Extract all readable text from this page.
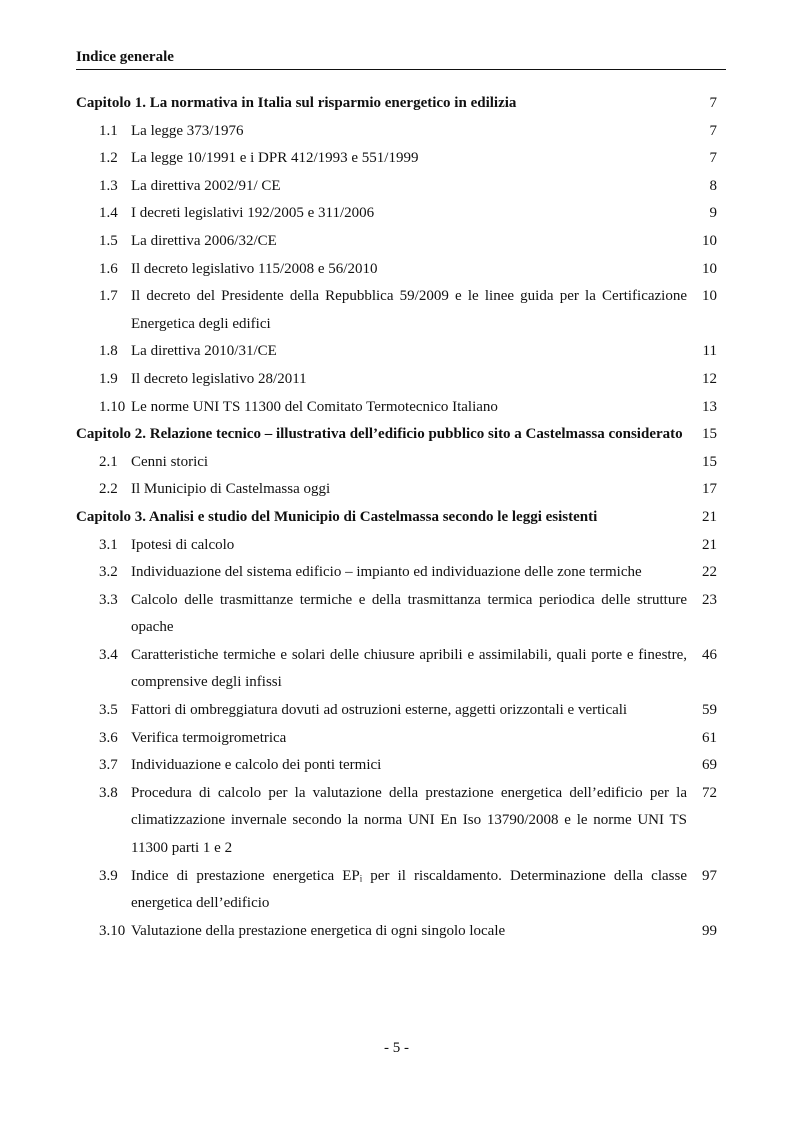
Indice generale
Capitolo 1. La normativa in Italia sul risparmio energetico in edilizia	7
1.1 La legge 373/1976	7
1.2 La legge 10/1991 e i DPR 412/1993 e 551/1999	7
1.3 La direttiva 2002/91/ CE	8
1.4 I decreti legislativi 192/2005 e 311/2006	9
1.5 La direttiva 2006/32/CE	10
1.6 Il decreto legislativo 115/2008 e 56/2010	10
1.7 Il decreto del Presidente della Repubblica 59/2009 e le linee guida per la Certificazione Energetica degli edifici
10
1.8 La direttiva 2010/31/CE	11
1.9 Il decreto legislativo 28/2011	12
1.10 Le norme UNI TS 11300 del Comitato Termotecnico Italiano	13
Capitolo 2. Relazione tecnico – illustrativa dell’edificio pubblico sito a Castelmassa considerato	15
2.1 Cenni storici	15
2.2 Il Municipio di Castelmassa oggi	17
Capitolo 3. Analisi e studio del Municipio di Castelmassa secondo le leggi esistenti	21
3.1 Ipotesi di calcolo	21
3.2 Individuazione del sistema edificio – impianto ed individuazione delle zone termiche	22
3.3 Calcolo delle trasmittanze termiche e della trasmittanza termica periodica delle strutture opache
23
3.4 Caratteristiche termiche e solari delle chiusure apribili e assimilabili, quali porte e finestre, comprensive degli infissi
46
3.5 Fattori di ombreggiatura dovuti ad ostruzioni esterne, aggetti orizzontali e verticali	59
3.6 Verifica termoigrometrica	61
3.7 Individuazione e calcolo dei ponti termici	69
3.8 Procedura di calcolo per la valutazione della prestazione energetica dell’edificio per la climatizzazione invernale secondo la norma UNI En Iso 13790/2008 e le norme UNI TS 11300 parti 1 e 2
72
3.9 Indice di prestazione energetica EPᵢ per il riscaldamento. Determinazione della classe energetica dell’edificio
97
3.10 Valutazione della prestazione energetica di ogni singolo locale	99
- 5 -
